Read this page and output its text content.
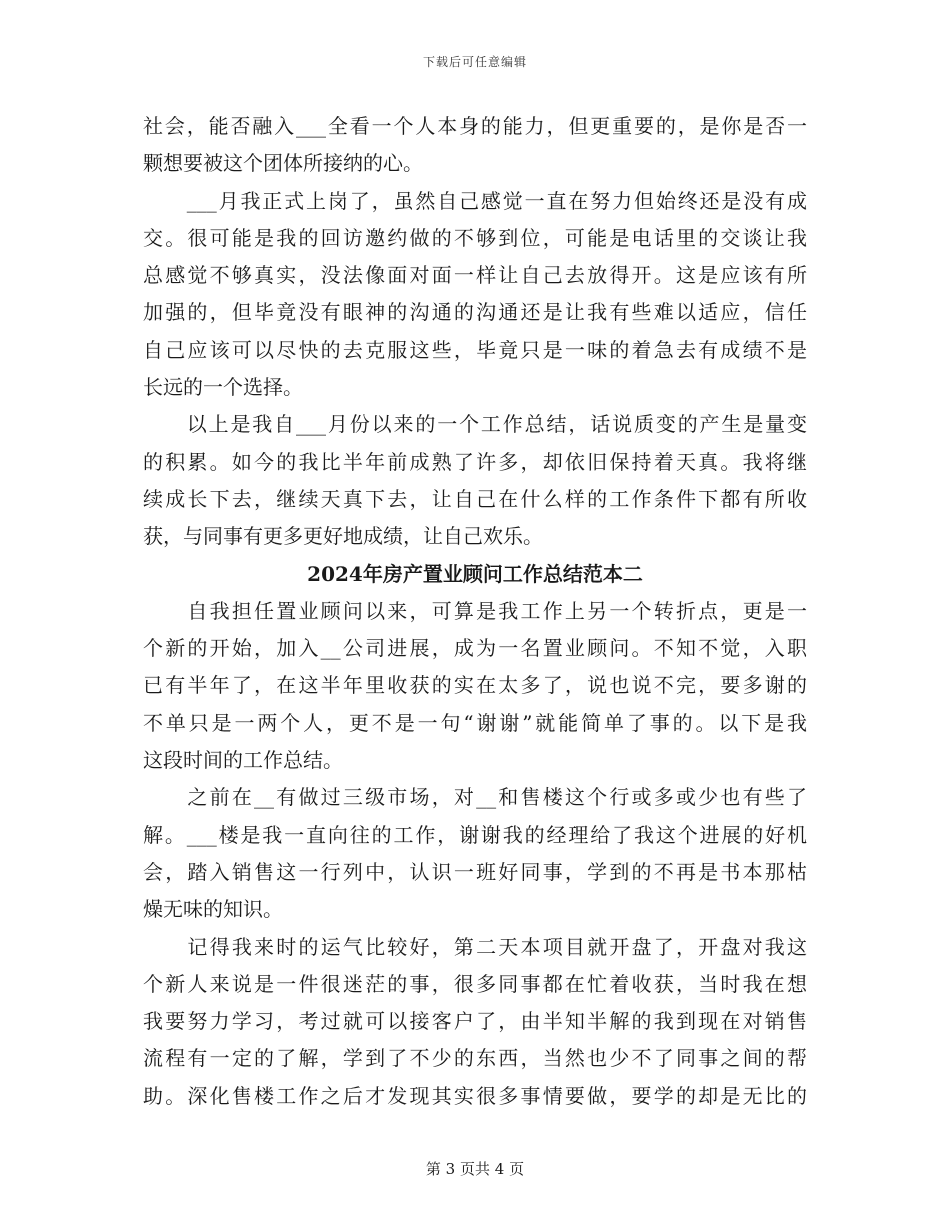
下载后可任意编辑
社会，能否融入___全看一个人本身的能力，但更重要的，是你是否一
颗想要被这个团体所接纳的心。
　　___月我正式上岗了，虽然自己感觉一直在努力但始终还是没有成
交。很可能是我的回访邀约做的不够到位，可能是电话里的交谈让我
总感觉不够真实，没法像面对面一样让自己去放得开。这是应该有所
加强的，但毕竟没有眼神的沟通的沟通还是让我有些难以适应，信任
自己应该可以尽快的去克服这些，毕竟只是一味的着急去有成绩不是
长远的一个选择。
　　以上是我自___月份以来的一个工作总结，话说质变的产生是量变
的积累。如今的我比半年前成熟了许多，却依旧保持着天真。我将继
续成长下去，继续天真下去，让自己在什么样的工作条件下都有所收
获，与同事有更多更好地成绩，让自己欢乐。
2024年房产置业顾问工作总结范本二
　　自我担任置业顾问以来，可算是我工作上另一个转折点，更是一
个新的开始，加入__公司进展，成为一名置业顾问。不知不觉，入职
已有半年了，在这半年里收获的实在太多了，说也说不完，要多谢的
不单只是一两个人，更不是一句“谢谢”就能简单了事的。以下是我
这段时间的工作总结。
　　之前在__有做过三级市场，对__和售楼这个行或多或少也有些了
解。___楼是我一直向往的工作，谢谢我的经理给了我这个进展的好机
会，踏入销售这一行列中，认识一班好同事，学到的不再是书本那枯
燥无味的知识。
　　记得我来时的运气比较好，第二天本项目就开盘了，开盘对我这
个新人来说是一件很迷茫的事，很多同事都在忙着收获，当时我在想
我要努力学习，考过就可以接客户了，由半知半解的我到现在对销售
流程有一定的了解，学到了不少的东西，当然也少不了同事之间的帮
助。深化售楼工作之后才发现其实很多事情要做，要学的却是无比的
第 3 页共 4 页
